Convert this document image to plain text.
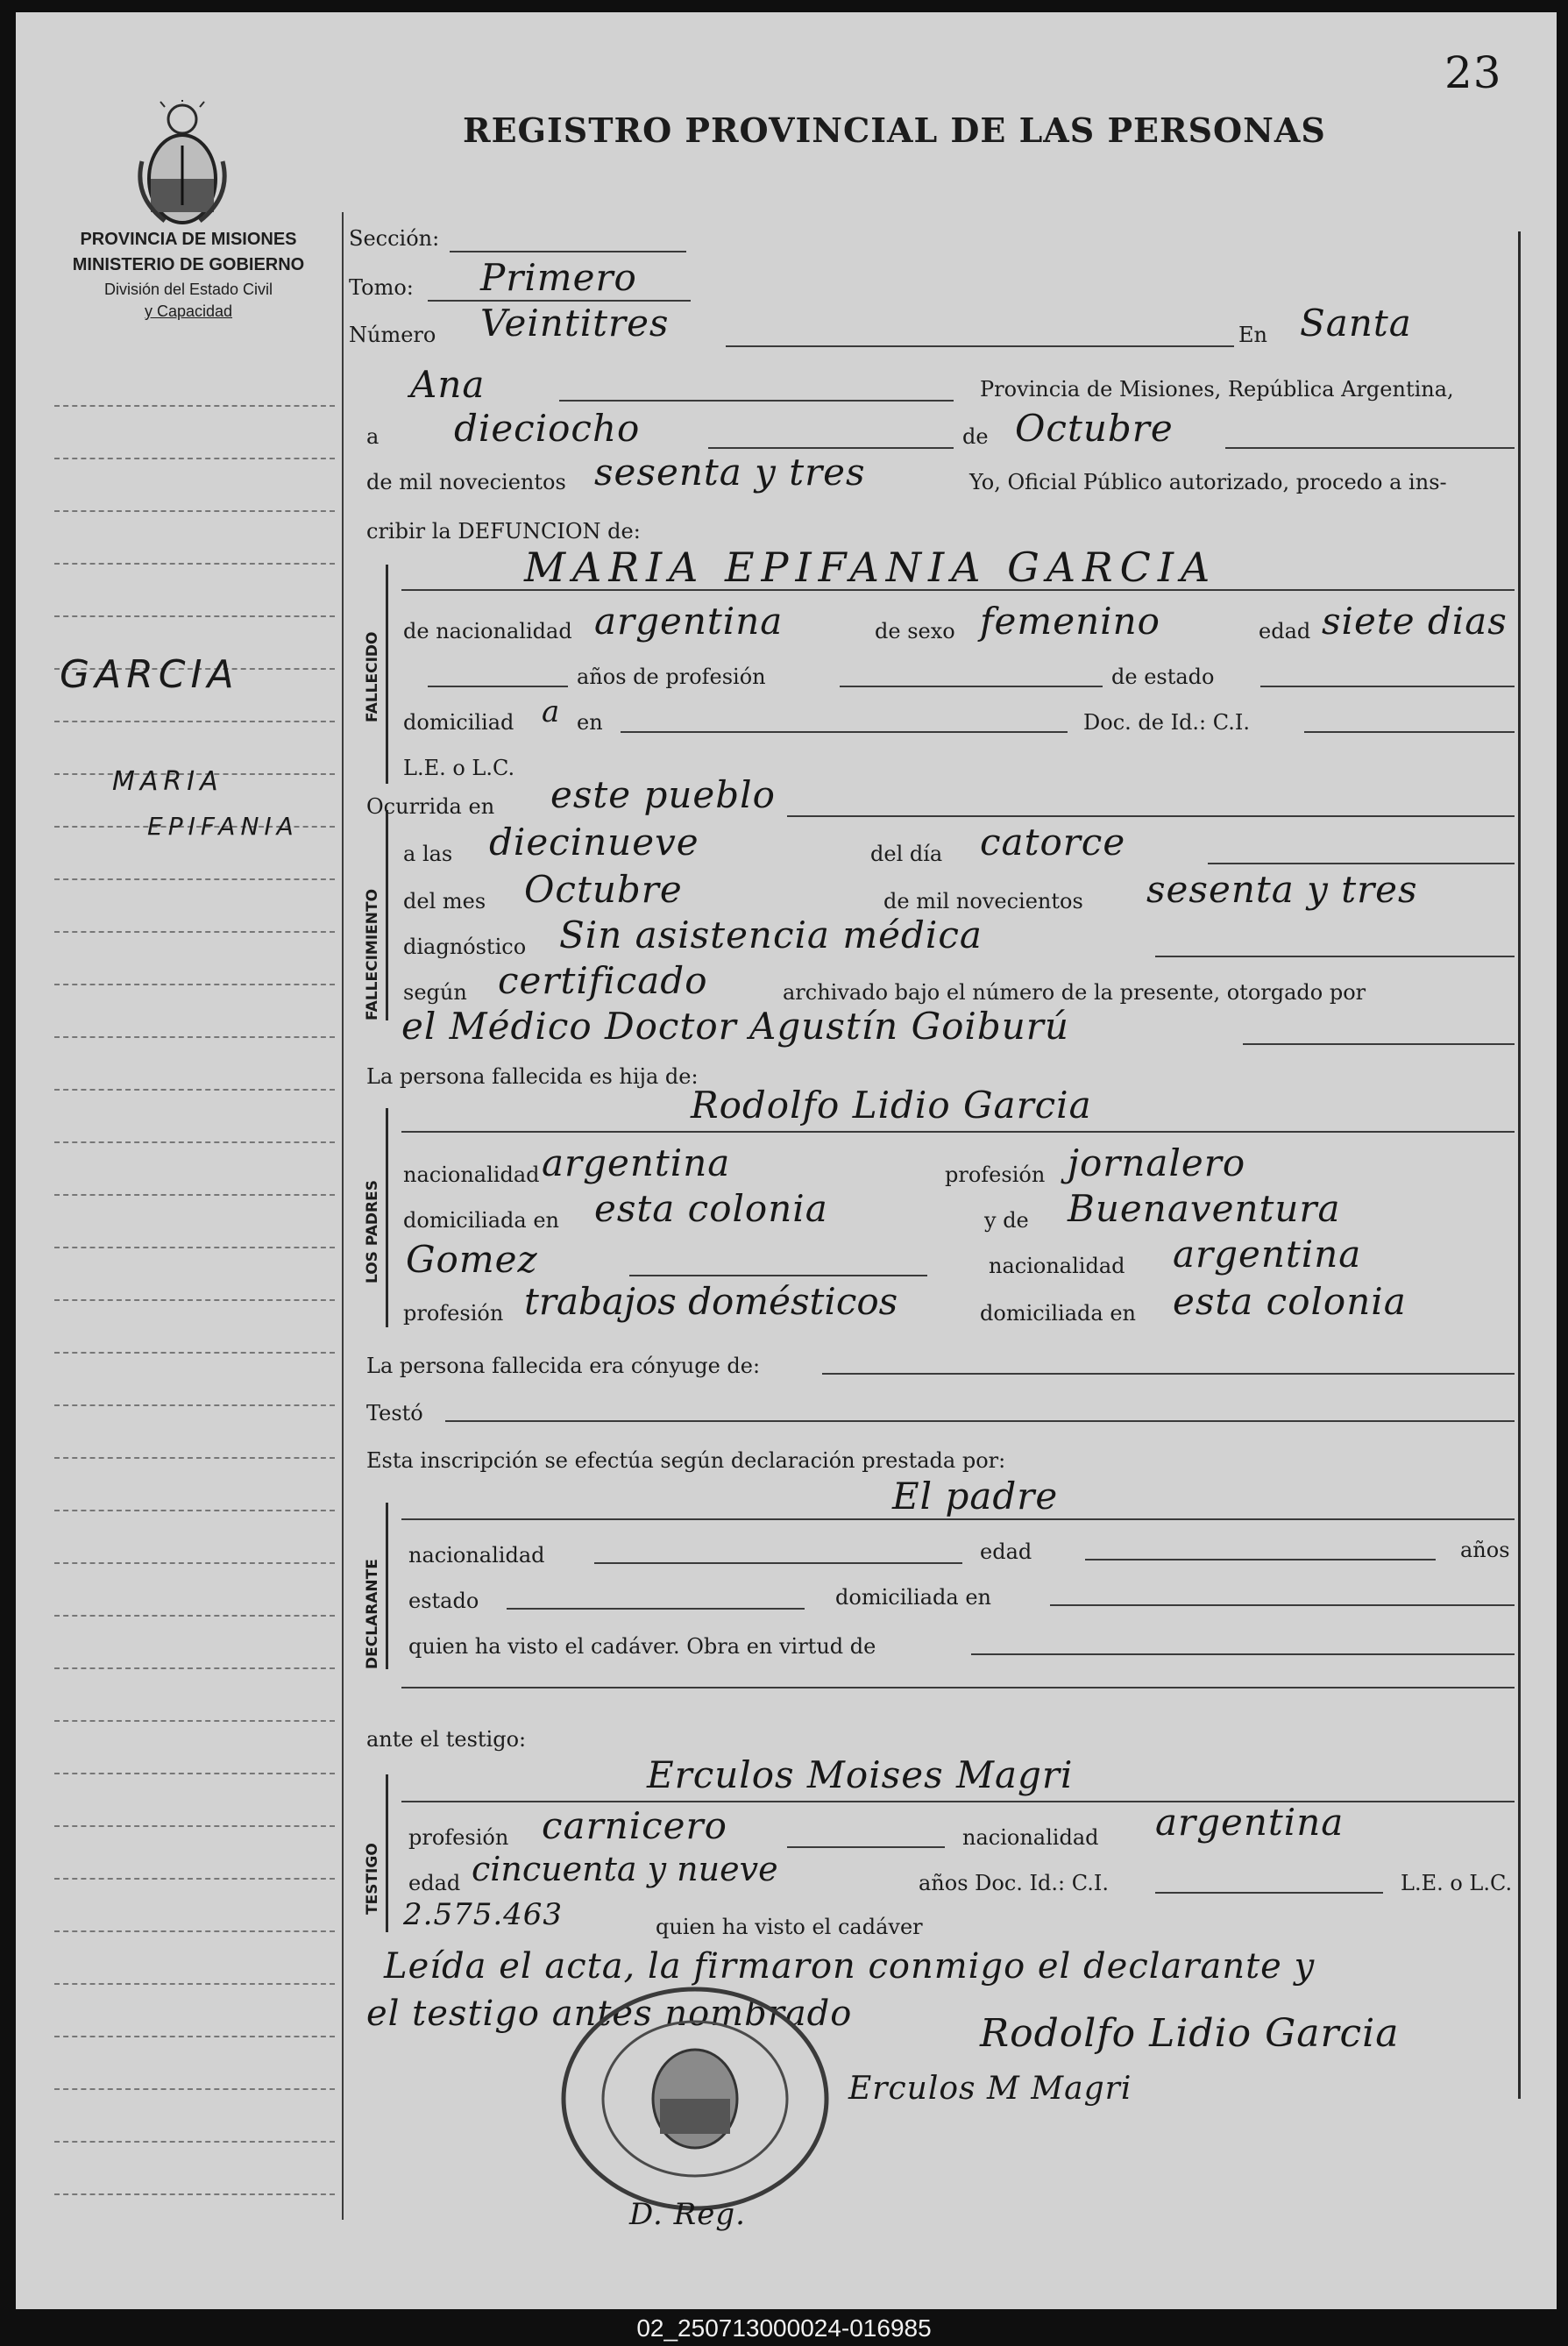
23
REGISTRO PROVINCIAL DE LAS PERSONAS
PROVINCIA DE MISIONES
MINISTERIO DE GOBIERNO
División del Estado Civil
y Capacidad
GARCIA
MARIA
EPIFANIA
FALLECIDO
FALLECIMIENTO
LOS PADRES
DECLARANTE
TESTIGO
Sección:
Tomo: Primero
Número Veintitres	En Santa
Ana	Provincia de Misiones, República Argentina,
a dieciocho	de Octubre
de mil novecientos sesenta y tres	Yo, Oficial Público autorizado, procedo a ins-
cribir la DEFUNCION de:
MARIA EPIFANIA GARCIA
de nacionalidad argentina	de sexo femenino	edad siete dias
años de profesión	de estado
domiciliad a en	Doc. de Id.: C.I.
L.E. o L.C.
Ocurrida en este pueblo
a las diecinueve	del día catorce
del mes Octubre	de mil novecientos sesenta y tres
diagnóstico Sin asistencia médica
según certificado	archivado bajo el número de la presente, otorgado por
el Médico Doctor Agustín Goiburú
La persona fallecida es hija de:
Rodolfo Lidio Garcia
nacionalidad argentina	profesión jornalero
domiciliada en esta colonia	y de Buenaventura
Gomez	nacionalidad argentina
profesión trabajos domésticos	domiciliada en esta colonia
La persona fallecida era cónyuge de:
Testó
Esta inscripción se efectúa según declaración prestada por:
El padre
nacionalidad	edad	años
estado	domiciliada en
quien ha visto el cadáver. Obra en virtud de
ante el testigo:
Erculos Moises Magri
profesión carnicero	nacionalidad argentina
edad cincuenta y nueve	años Doc. Id.: C.I.	L.E. o L.C.
2.575.463	quien ha visto el cadáver
Leída el acta, la firmaron conmigo el declarante y
el testigo antes nombrado	Rodolfo Lidio Garcia
Erculos M Magri
D. Reg.
02_250713000024-016985
